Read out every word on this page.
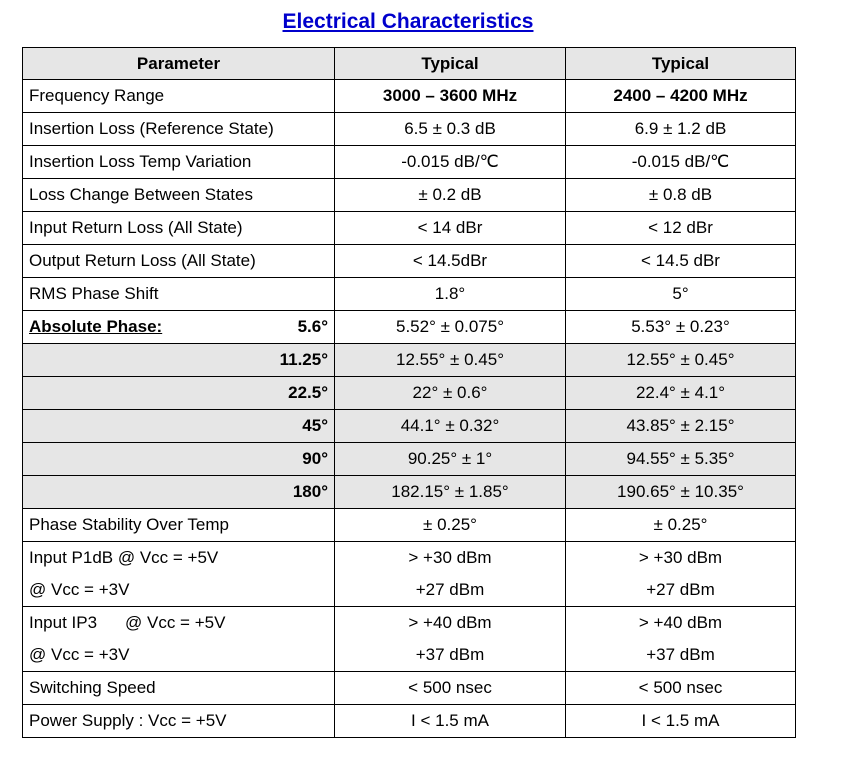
Electrical Characteristics
Parameter	Typical	Typical
Frequency Range	3000 – 3600 MHz	2400 – 4200 MHz
Insertion Loss (Reference State)	6.5 ± 0.3 dB	6.9 ± 1.2 dB
Insertion Loss Temp Variation	-0.015 dB/℃	-0.015 dB/℃
Loss Change Between States	± 0.2 dB	± 0.8 dB
Input Return Loss (All State)	< 14 dBr	< 12 dBr
Output Return Loss (All State)	< 14.5dBr	< 14.5 dBr
RMS Phase Shift	1.8°	5°

Absolute Phase: 5.6°	5.52° ± 0.075°	5.53° ± 0.23°
11.25°	12.55° ± 0.45°	12.55° ± 0.45°
22.5°	22° ± 0.6°	22.4° ± 4.1°
45°	44.1° ± 0.32°	43.85° ± 2.15°
90°	90.25° ± 1°	94.55° ± 5.35°
180°	182.15° ± 1.85°	190.65° ± 10.35°
Phase Stability Over Temp	± 0.25°	± 0.25°
Input P1dB @ Vcc = +5V	> +30 dBm	> +30 dBm
@ Vcc = +3V	+27 dBm	+27 dBm

Input IP3 @ Vcc = +5V	> +40 dBm	> +40 dBm
@ Vcc = +3V	+37 dBm	+37 dBm
Switching Speed	< 500 nsec	< 500 nsec
Power Supply : Vcc = +5V	I < 1.5 mA	I < 1.5 mA
